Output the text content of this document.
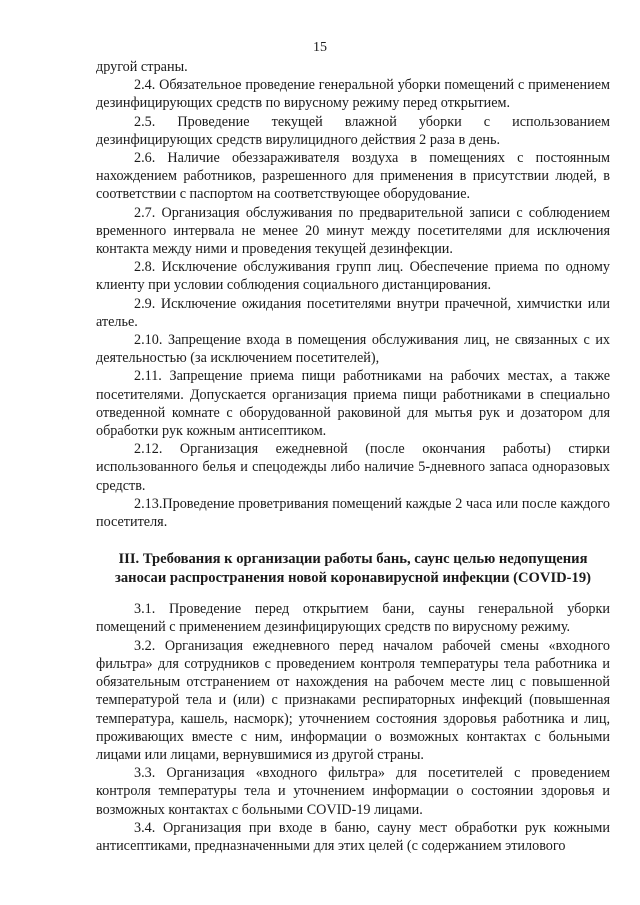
15

другой страны.

2.4. Обязательное проведение генеральной уборки помещений с применением дезинфицирующих средств по вирусному режиму перед открытием.

2.5. Проведение текущей влажной уборки с использованием дезинфицирующих средств вирулицидного действия 2 раза в день.

2.6. Наличие обеззараживателя воздуха в помещениях с постоянным нахождением работников, разрешенного для применения в присутствии людей, в соответствии с паспортом на соответствующее оборудование.

2.7. Организация обслуживания по предварительной записи с соблюдением временного интервала не менее 20 минут между посетителями для исключения контакта между ними и проведения текущей дезинфекции.

2.8. Исключение обслуживания групп лиц. Обеспечение приема по одному клиенту при условии соблюдения социального дистанцирования.

2.9. Исключение ожидания посетителями внутри прачечной, химчистки или ателье.

2.10. Запрещение входа в помещения обслуживания лиц, не связанных с их деятельностью (за исключением посетителей),

2.11. Запрещение приема пищи работниками на рабочих местах, а также посетителями. Допускается организация приема пищи работниками в специально отведенной комнате с оборудованной раковиной для мытья рук и дозатором для обработки рук кожным антисептиком.

2.12. Организация ежедневной (после окончания работы) стирки использованного белья и спецодежды либо наличие 5-дневного запаса одноразовых средств.

2.13.Проведение проветривания помещений каждые 2 часа или после каждого посетителя.

III. Требования к организации работы бань, саунс целью недопущения заносаи распространения новой коронавирусной инфекции (COVID-19)

3.1. Проведение перед открытием бани, сауны генеральной уборки помещений с применением дезинфицирующих средств по вирусному режиму.

3.2. Организация ежедневного перед началом рабочей смены «входного фильтра» для сотрудников с проведением контроля температуры тела работника и обязательным отстранением от нахождения на рабочем месте лиц с повышенной температурой тела и (или) с признаками респираторных инфекций (повышенная температура, кашель, насморк); уточнением состояния здоровья работника и лиц, проживающих вместе с ним, информации о возможных контактах с больными лицами или лицами, вернувшимися из другой страны.

3.3. Организация «входного фильтра» для посетителей с проведением контроля температуры тела и уточнением информации о состоянии здоровья и возможных контактах с больными COVID-19 лицами.

3.4. Организация при входе в баню, сауну мест обработки рук кожными антисептиками, предназначенными для этих целей (с содержанием этилового
